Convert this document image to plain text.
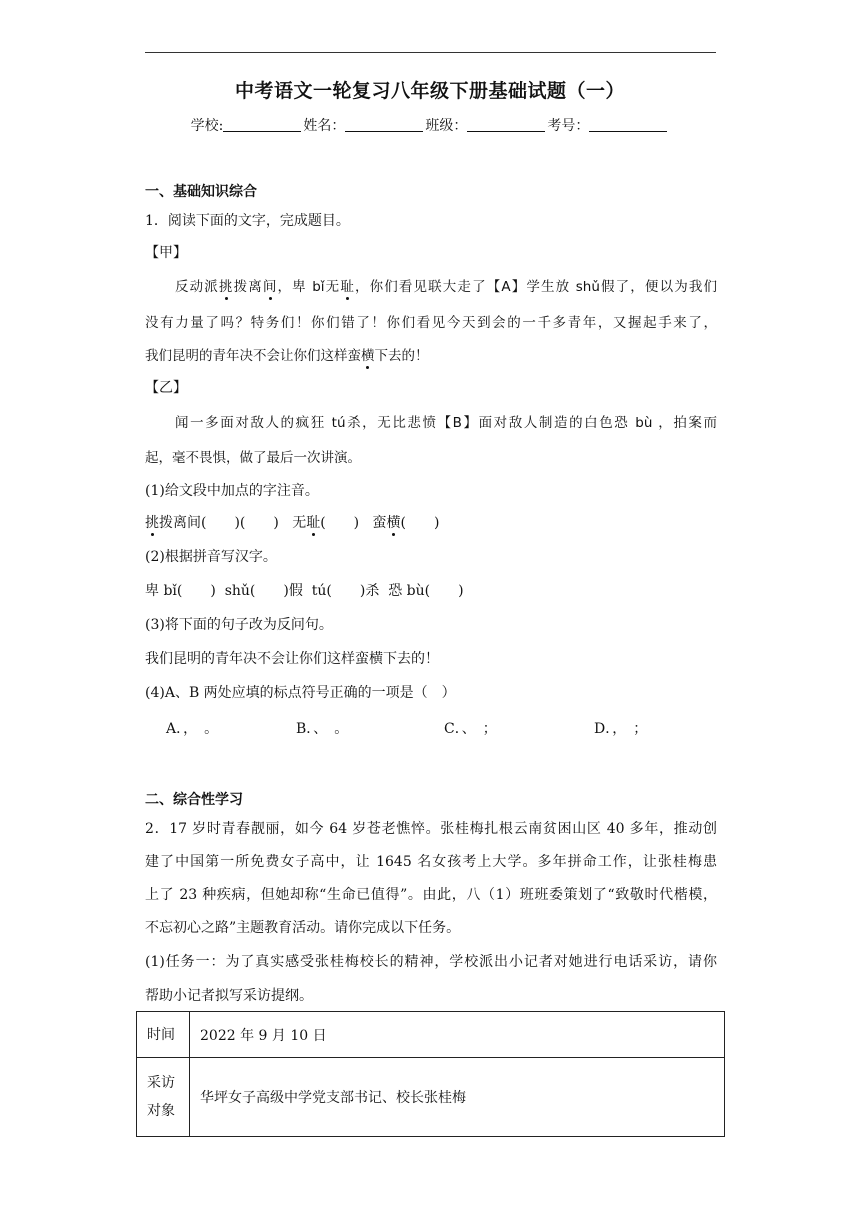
中考语文一轮复习八年级下册基础试题（一）
学校:	姓名：	班级：	考号：
一、基础知识综合
1．阅读下面的文字，完成题目。
【甲】
反动派挑拨离间，卑 bǐ无耻，你们看见联大走了【A】学生放 shǔ假了，便以为我们
没有力量了吗？特务们！你们错了！你们看见今天到会的一千多青年，又握起手来了，
我们昆明的青年决不会让你们这样蛮横下去的！
【乙】
闻一多面对敌人的疯狂 tú杀，无比悲愤【B】面对敌人制造的白色恐 bù ，拍案而
起，毫不畏惧，做了最后一次讲演。
(1)给文段中加点的字注音。
挑拨离间(　　)(　　) 无耻(　　) 蛮横(　　)
(2)根据拼音写汉字。
卑 bǐ(　　)  shǔ(　　)假  tú(　　)杀  恐 bù(　　)
(3)将下面的句子改为反问句。
我们昆明的青年决不会让你们这样蛮横下去的！
(4)A、B 两处应填的标点符号正确的一项是（　）
A．，　。	B．、　。	C．、　；	D．，　；
二、综合性学习
2．17 岁时青春靓丽，如今 64 岁苍老憔悴。张桂梅扎根云南贫困山区 40 多年，推动创
建了中国第一所免费女子高中，让 1645 名女孩考上大学。多年拼命工作，让张桂梅患
上了 23 种疾病，但她却称“生命已值得”。由此，八（1）班班委策划了“致敬时代楷模，
不忘初心之路”主题教育活动。请你完成以下任务。
(1)任务一：为了真实感受张桂梅校长的精神，学校派出小记者对她进行电话采访，请你
帮助小记者拟写采访提纲。
时间	2022 年 9 月 10 日
采访对象	华坪女子高级中学党支部书记、校长张桂梅
